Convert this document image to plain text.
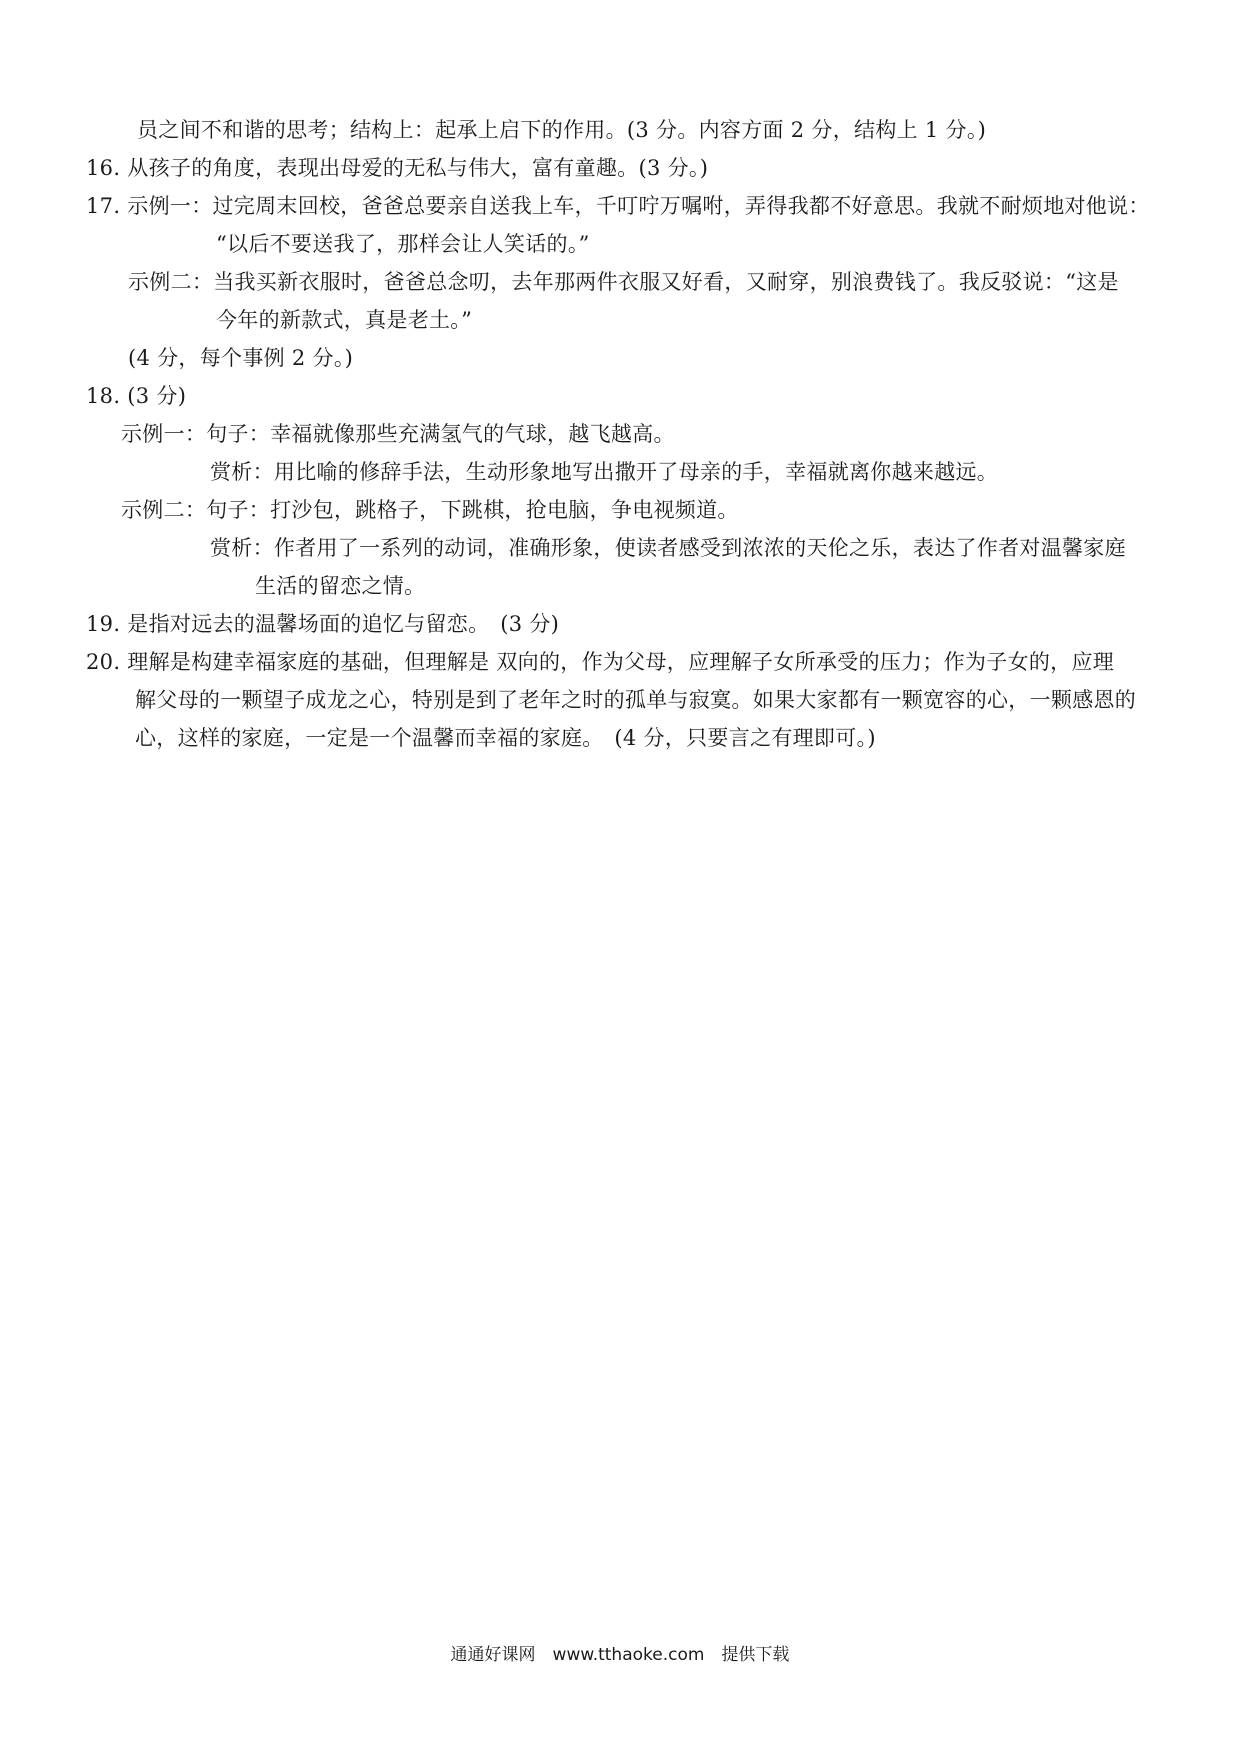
员之间不和谐的思考；结构上：起承上启下的作用。(3 分。内容方面 2 分，结构上 1 分。)
16. 从孩子的角度，表现出母爱的无私与伟大，富有童趣。(3 分。)
17. 示例一：过完周末回校，爸爸总要亲自送我上车，千叮咛万嘱咐，弄得我都不好意思。我就不耐烦地对他说：
“以后不要送我了，那样会让人笑话的。”
示例二：当我买新衣服时，爸爸总念叨，去年那两件衣服又好看，又耐穿，别浪费钱了。我反驳说：“这是
今年的新款式，真是老土。”
(4 分，每个事例 2 分。)
18. (3 分)
示例一：句子：幸福就像那些充满氢气的气球，越飞越高。
赏析：用比喻的修辞手法，生动形象地写出撒开了母亲的手，幸福就离你越来越远。
示例二：句子：打沙包，跳格子，下跳棋，抢电脑，争电视频道。
赏析：作者用了一系列的动词，准确形象，使读者感受到浓浓的天伦之乐，表达了作者对温馨家庭
生活的留恋之情。
19. 是指对远去的温馨场面的追忆与留恋。　(3 分)
20. 理解是构建幸福家庭的基础，但理解是 双向的，作为父母，应理解子女所承受的压力；作为子女的，应理
解父母的一颗望子成龙之心，特别是到了老年之时的孤单与寂寞。如果大家都有一颗宽容的心，一颗感恩的
心，这样的家庭，一定是一个温馨而幸福的家庭。　(4 分，只要言之有理即可。)
通通好课网　www.tthaoke.com　提供下载
